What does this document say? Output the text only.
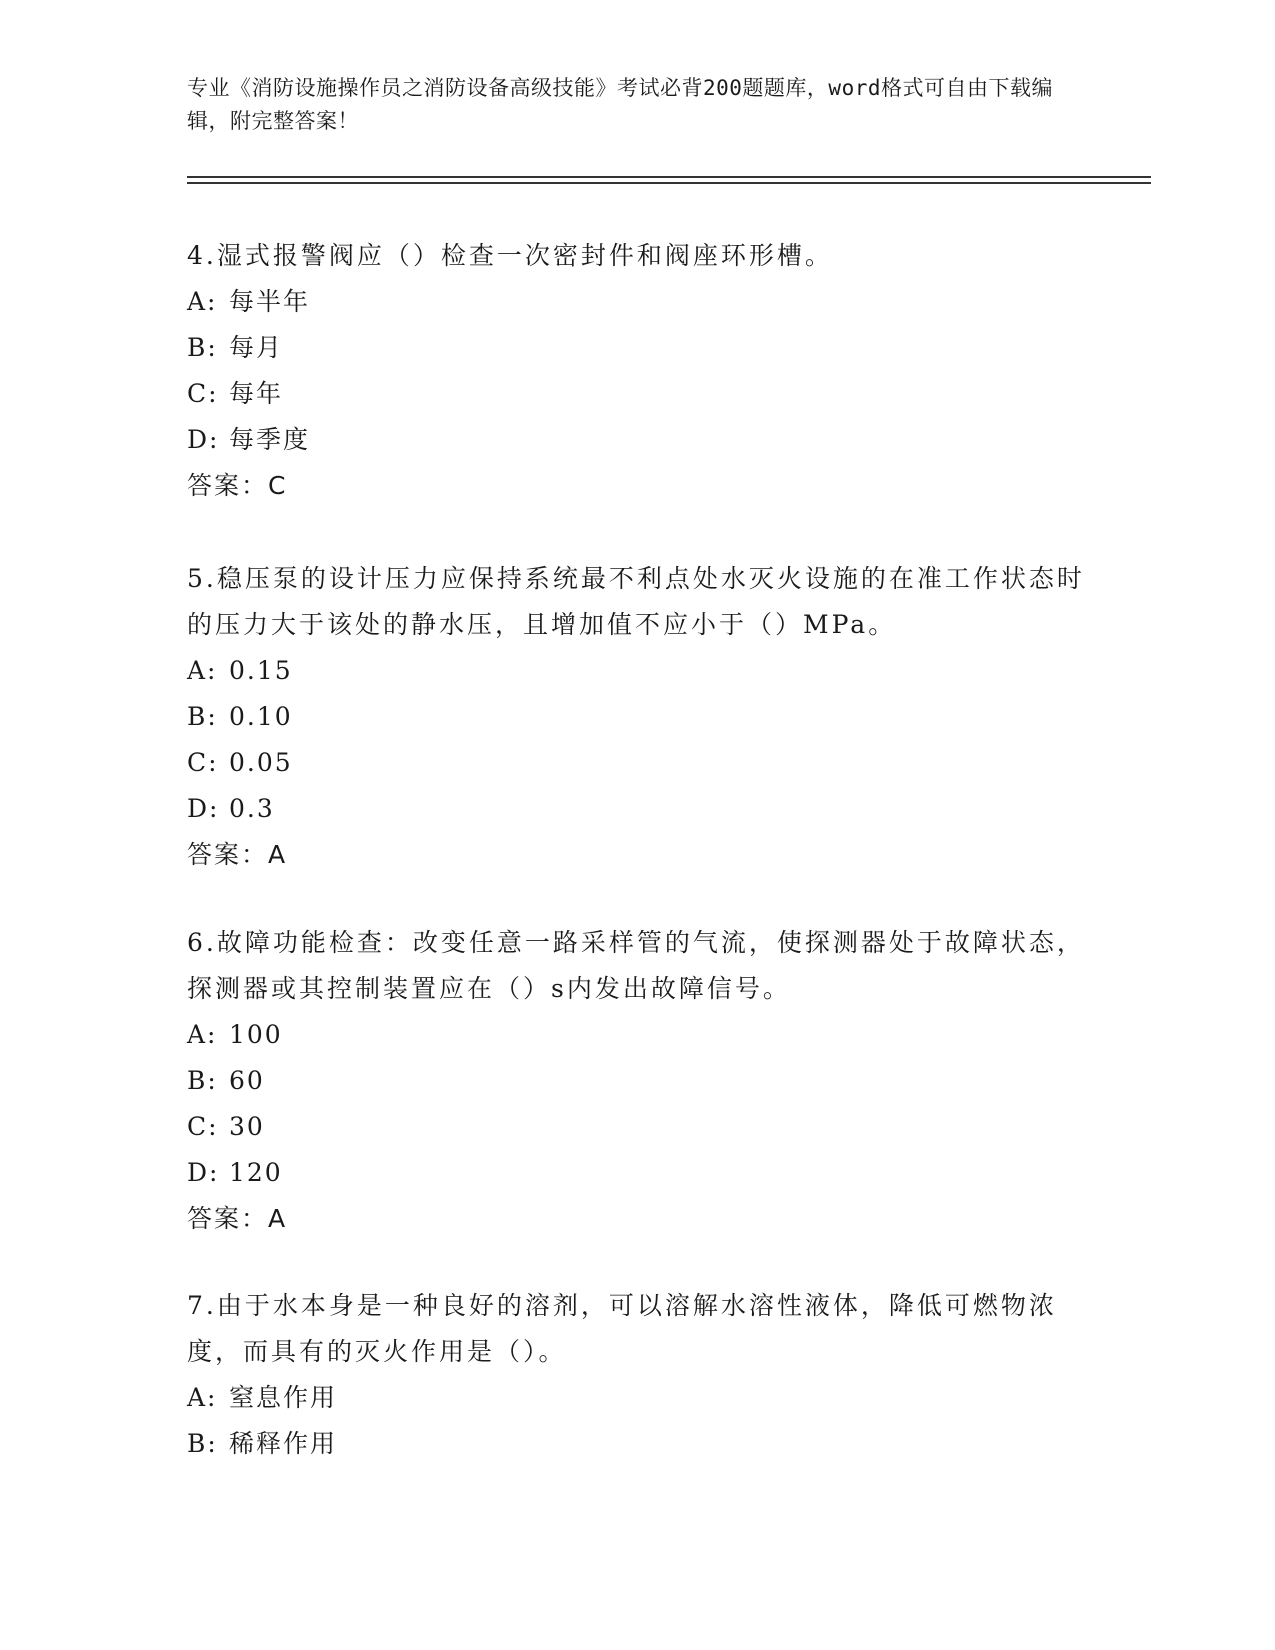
专业《消防设施操作员之消防设备高级技能》考试必背200题题库，word格式可自由下载编辑，附完整答案！

4.湿式报警阀应（）检查一次密封件和阀座环形槽。

A: 每半年

B: 每月

C: 每年

D: 每季度

答案：C

5.稳压泵的设计压力应保持系统最不利点处水灭火设施的在准工作状态时的压力大于该处的静水压，且增加值不应小于（）MPa。

A: 0.15

B: 0.10

C: 0.05

D: 0.3

答案：A

6.故障功能检查：改变任意一路采样管的气流，使探测器处于故障状态，探测器或其控制装置应在（）s内发出故障信号。

A: 100

B: 60

C: 30

D: 120

答案：A

7.由于水本身是一种良好的溶剂，可以溶解水溶性液体，降低可燃物浓度，而具有的灭火作用是（）。

A: 窒息作用

B: 稀释作用
